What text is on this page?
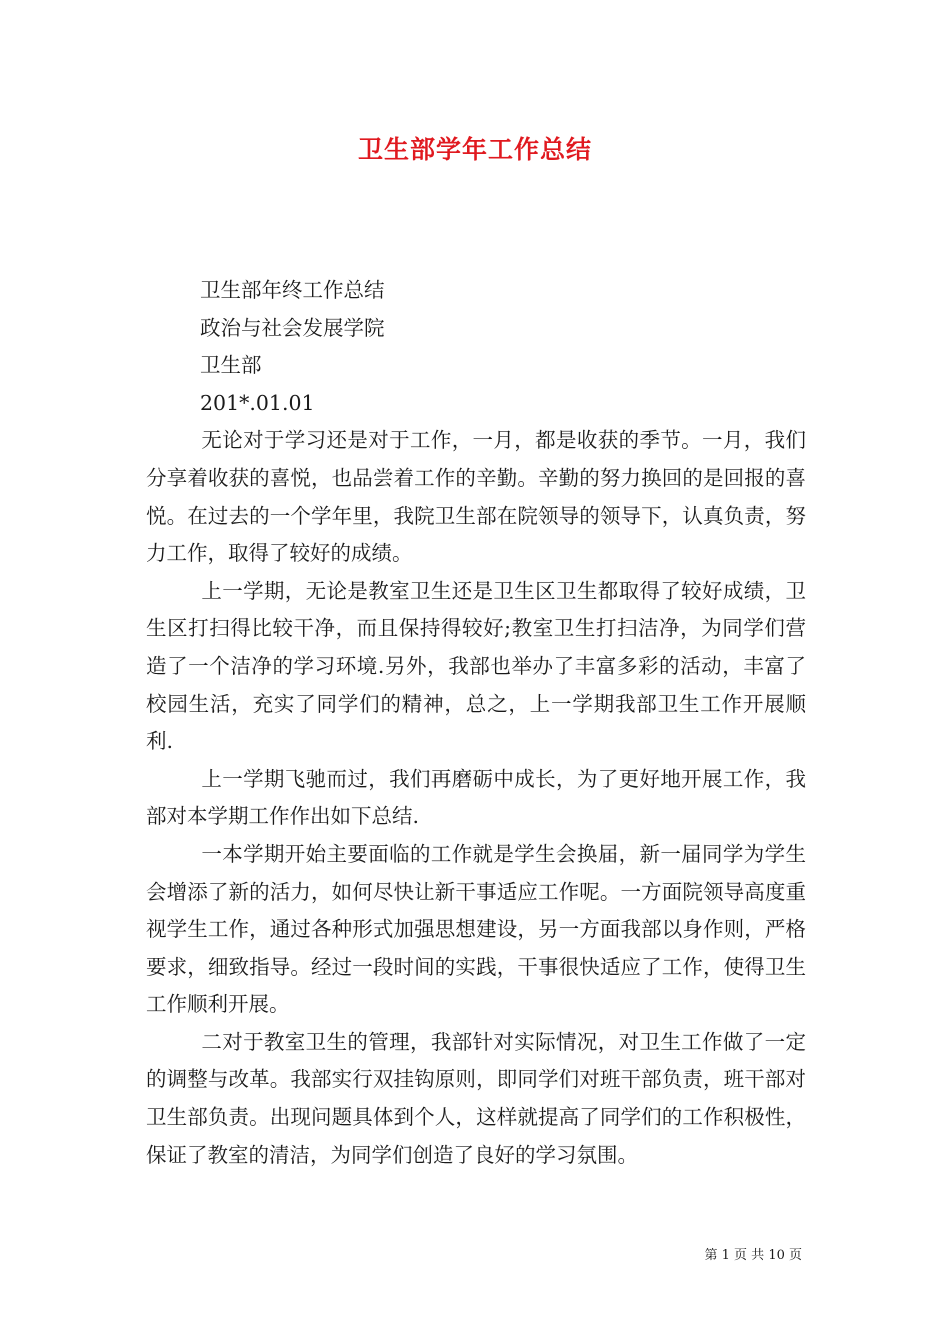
卫生部学年工作总结

卫生部年终工作总结

政治与社会发展学院

卫生部

201*.01.01

无论对于学习还是对于工作，一月，都是收获的季节。一月，我们分享着收获的喜悦，也品尝着工作的辛勤。辛勤的努力换回的是回报的喜悦。在过去的一个学年里，我院卫生部在院领导的领导下，认真负责，努力工作，取得了较好的成绩。

上一学期，无论是教室卫生还是卫生区卫生都取得了较好成绩，卫生区打扫得比较干净，而且保持得较好;教室卫生打扫洁净，为同学们营造了一个洁净的学习环境.另外，我部也举办了丰富多彩的活动，丰富了校园生活，充实了同学们的精神，总之，上一学期我部卫生工作开展顺利.

上一学期飞驰而过，我们再磨砺中成长，为了更好地开展工作，我部对本学期工作作出如下总结.

一本学期开始主要面临的工作就是学生会换届，新一届同学为学生会增添了新的活力，如何尽快让新干事适应工作呢。一方面院领导高度重视学生工作，通过各种形式加强思想建设，另一方面我部以身作则，严格要求，细致指导。经过一段时间的实践，干事很快适应了工作，使得卫生工作顺利开展。

二对于教室卫生的管理，我部针对实际情况，对卫生工作做了一定的调整与改革。我部实行双挂钩原则，即同学们对班干部负责，班干部对卫生部负责。出现问题具体到个人，这样就提高了同学们的工作积极性，保证了教室的清洁，为同学们创造了良好的学习氛围。

第 1 页 共 10 页
